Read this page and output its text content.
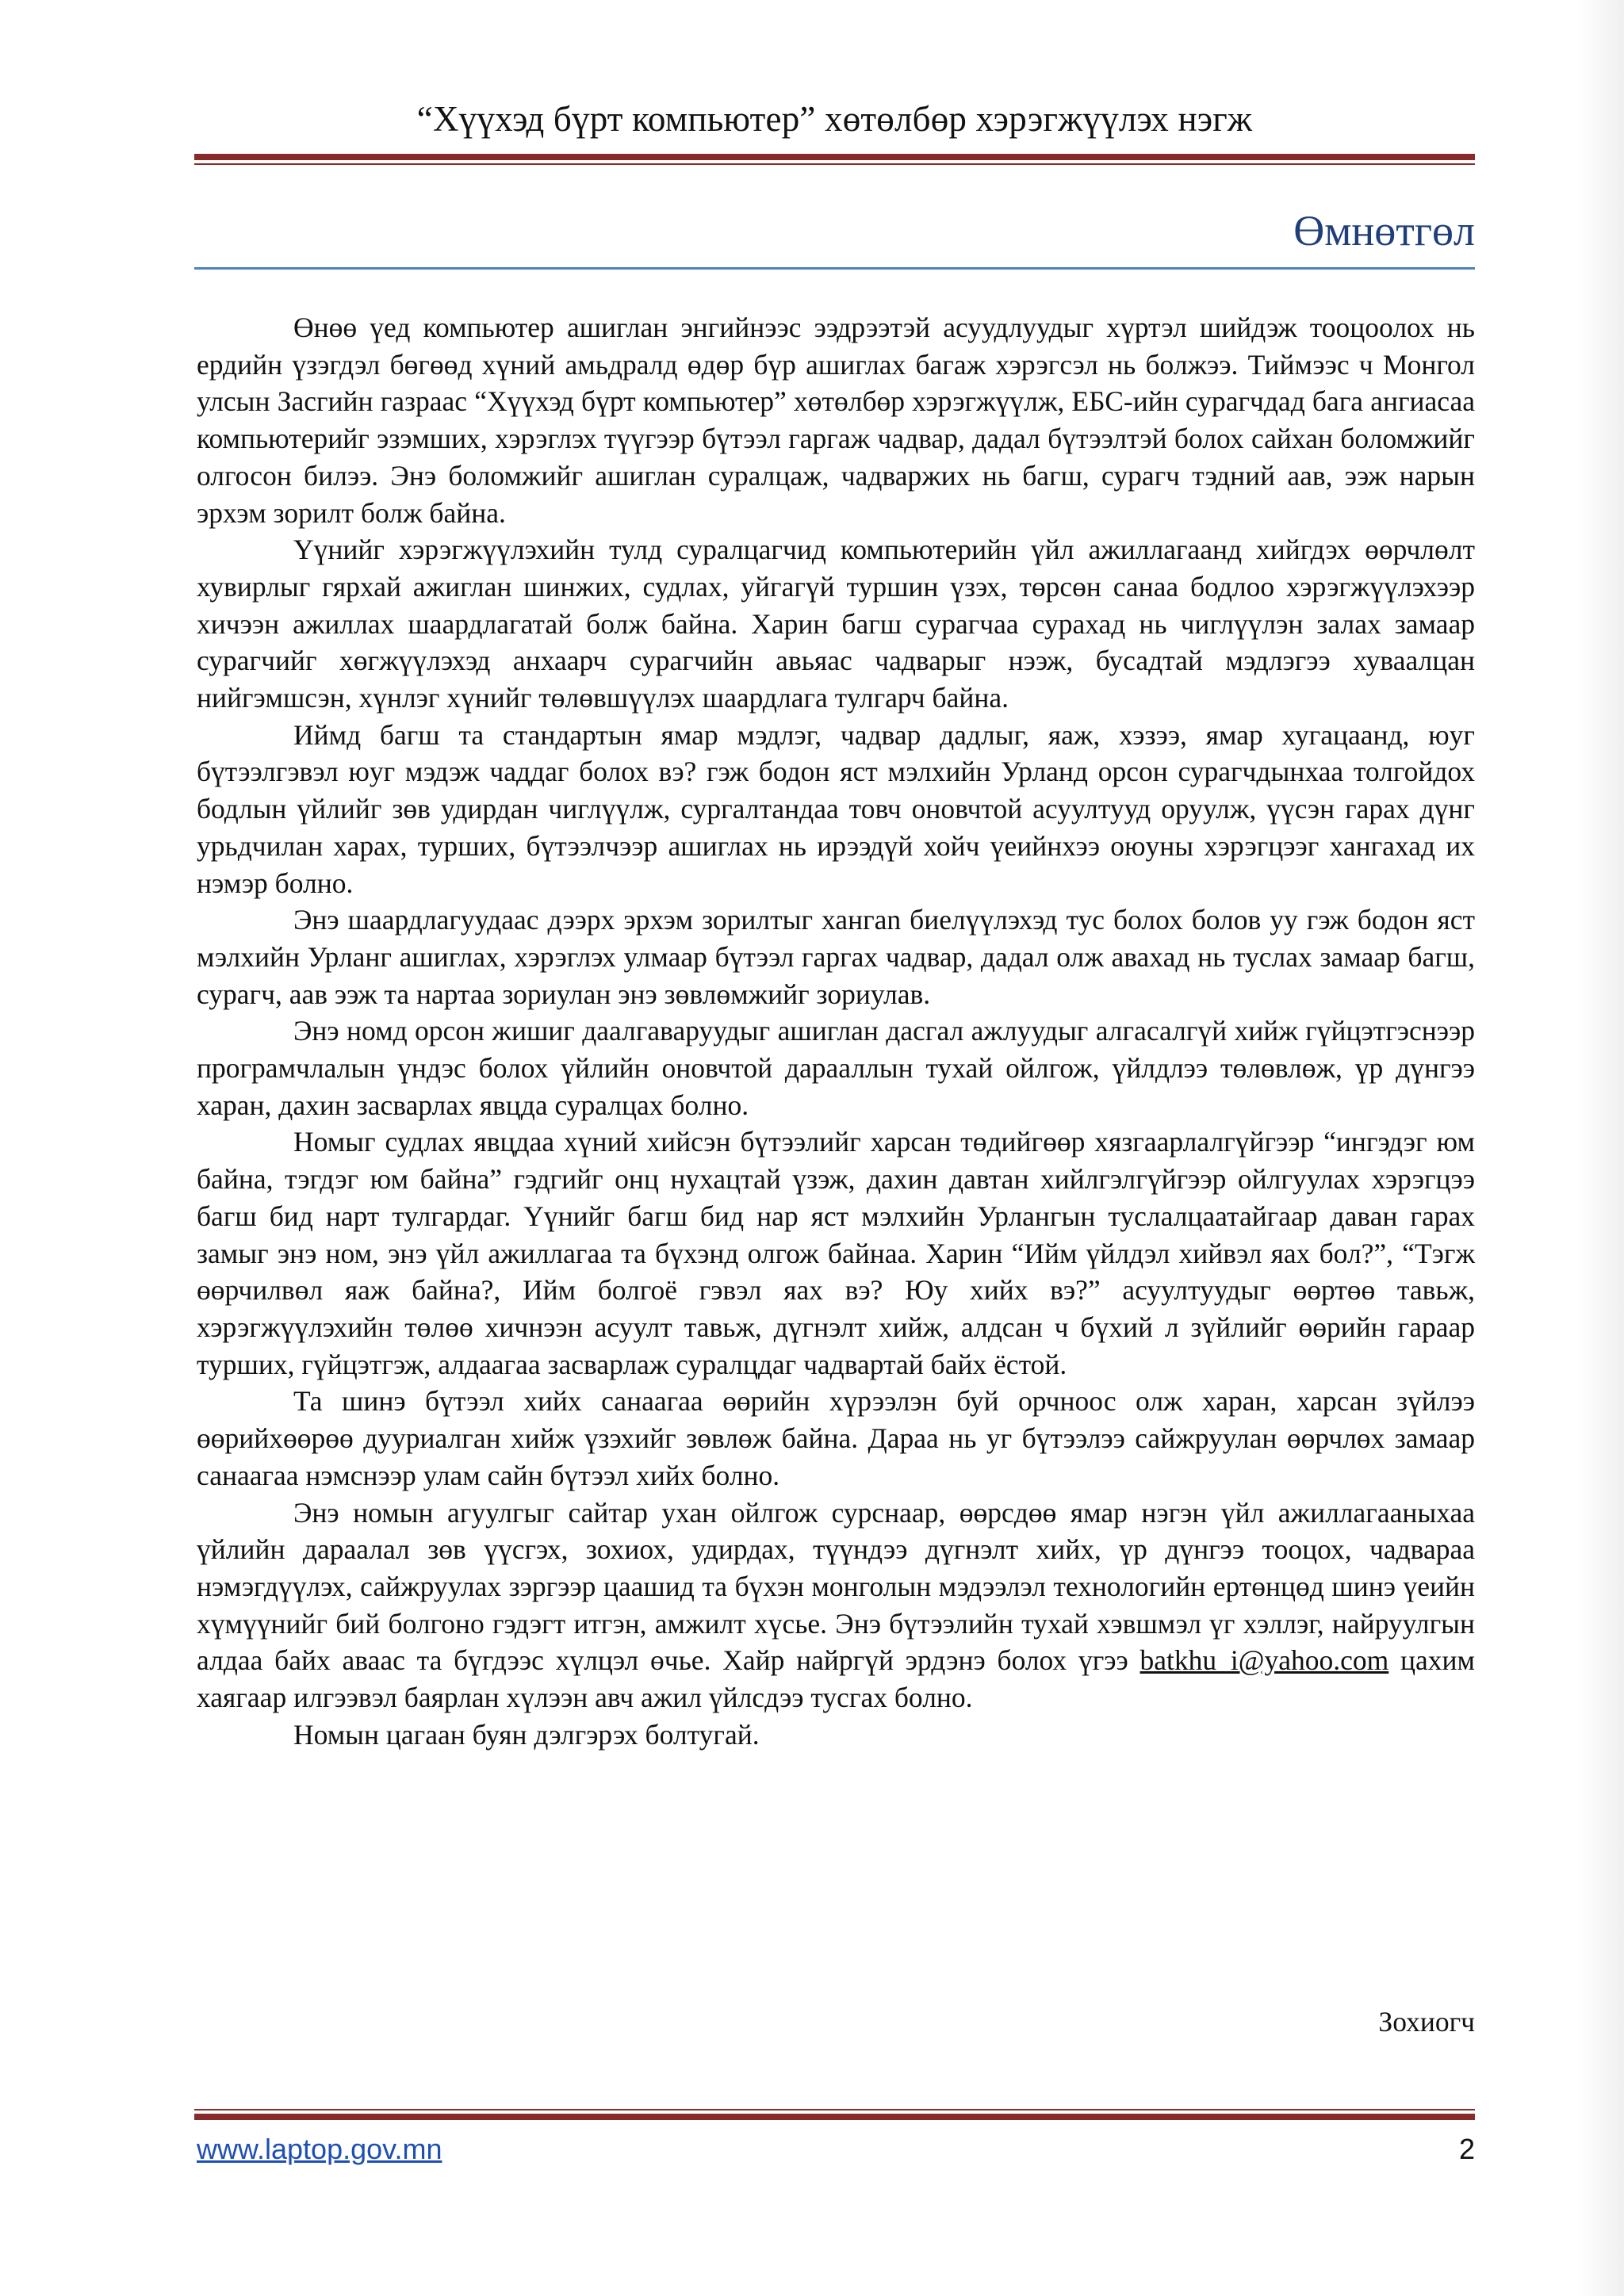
“Хүүхэд бүрт компьютер” хөтөлбөр хэрэгжүүлэх нэгж
Өмнөтгөл

Өнөө үед компьютер ашиглан энгийнээс ээдрээтэй асуудлуудыг хүртэл шийдэж тооцоолох нь ердийн үзэгдэл бөгөөд хүний амьдралд өдөр бүр ашиглах багаж хэрэгсэл нь болжээ. Тиймээс ч Монгол улсын Засгийн газраас “Хүүхэд бүрт компьютер” хөтөлбөр хэрэгжүүлж, ЕБС-ийн сурагчдад бага ангиасаа компьютерийг эзэмших, хэрэглэх түүгээр бүтээл гаргаж чадвар, дадал бүтээлтэй болох сайхан боломжийг олгосон билээ. Энэ боломжийг ашиглан суралцаж, чадваржих нь багш, сурагч тэдний аав, ээж нарын эрхэм зорилт болж байна.

Үүнийг хэрэгжүүлэхийн тулд суралцагчид компьютерийн үйл ажиллагаанд хийгдэх өөрчлөлт хувирлыг гярхай ажиглан шинжих, судлах, уйгагүй туршин үзэх, төрсөн санаа бодлоо хэрэгжүүлэхээр хичээн ажиллах шаардлагатай болж байна. Харин багш сурагчаа сурахад нь чиглүүлэн залах замаар сурагчийг хөгжүүлэхэд анхаарч сурагчийн авьяас чадварыг нээж, бусадтай мэдлэгээ хуваалцан нийгэмшсэн, хүнлэг хүнийг төлөвшүүлэх шаардлага тулгарч байна.

Иймд багш та стандартын ямар мэдлэг, чадвар дадлыг, яаж, хэзээ, ямар хугацаанд, юуг бүтээлгэвэл юуг мэдэж чаддаг болох вэ? гэж бодон яст мэлхийн Урланд орсон сурагчдынхаа толгойдох бодлын үйлийг зөв удирдан чиглүүлж, сургалтандаа товч оновчтой асуултууд оруулж, үүсэн гарах дүнг урьдчилан харах, турших, бүтээлчээр ашиглах нь ирээдүй хойч үеийнхээ оюуны хэрэгцээг хангахад их нэмэр болно.

Энэ шаардлагуудаас дээрх эрхэм зорилтыг хангаn биелүүлэхэд тус болох болов уу гэж бодон яст мэлхийн Урланг ашиглах, хэрэглэх улмаар бүтээл гаргах чадвар, дадал олж авахад нь туслах замаар багш, сурагч, аав ээж та нартаа зориулан энэ зөвлөмжийг зориулав.

Энэ номд орсон жишиг даалгаваруудыг ашиглан дасгал ажлуудыг алгасалгүй хийж гүйцэтгэснээр програмчлалын үндэс болох үйлийн оновчтой дарааллын тухай ойлгож, үйлдлээ төлөвлөж, үр дүнгээ харан, дахин засварлах явцда суралцах болно.

Номыг судлах явцдаа хүний хийсэн бүтээлийг харсан төдийгөөр хязгаарлалгүйгээр “ингэдэг юм байна, тэгдэг юм байна” гэдгийг онц нухацтай үзэж, дахин давтан хийлгэлгүйгээр ойлгуулах хэрэгцээ багш бид нарт тулгардаг. Үүнийг багш бид нар яст мэлхийн Урлангын туслалцаатайгаар даван гарах замыг энэ ном, энэ үйл ажиллагаа та бүхэнд олгож байнаа. Харин “Ийм үйлдэл хийвэл яах бол?”, “Тэгж өөрчилвөл яаж байна?, Ийм болгоё гэвэл яах вэ? Юу хийх вэ?” асуултуудыг өөртөө тавьж, хэрэгжүүлэхийн төлөө хичнээн асуулт тавьж, дүгнэлт хийж, алдсан ч бүхий л зүйлийг өөрийн гараар турших, гүйцэтгэж, алдаагаа засварлаж суралцдаг чадвартай байх ёстой.

Та шинэ бүтээл хийх санаагаа өөрийн хүрээлэн буй орчноос олж харан, харсан зүйлээ өөрийхөөрөө дууриалган хийж үзэхийг зөвлөж байна. Дараа нь уг бүтээлээ сайжруулан өөрчлөх замаар санаагаа нэмснээр улам сайн бүтээл хийх болно.

Энэ номын агуулгыг сайтар ухан ойлгож сурснаар, өөрсдөө ямар нэгэн үйл ажиллагааныхаа үйлийн дараалал зөв үүсгэх, зохиох, удирдах, түүндээ дүгнэлт хийх, үр дүнгээ тооцох, чадвараа нэмэгдүүлэх, сайжруулах зэргээр цаашид та бүхэн монголын мэдээлэл технологийн ертөнцөд шинэ үеийн хүмүүнийг бий болгоно гэдэгт итгэн, амжилт хүсье. Энэ бүтээлийн тухай хэвшмэл үг хэллэг, найруулгын алдаа байх аваас та бүгдээс хүлцэл өчье. Хайр найргүй эрдэнэ болох үгээ batkhu_i@yahoo.com цахим хаягаар илгээвэл баярлан хүлээн авч ажил үйлсдээ тусгах болно.

Номын цагаан буян дэлгэрэх болтугай.

Зохиогч
www.laptop.gov.mn	2
